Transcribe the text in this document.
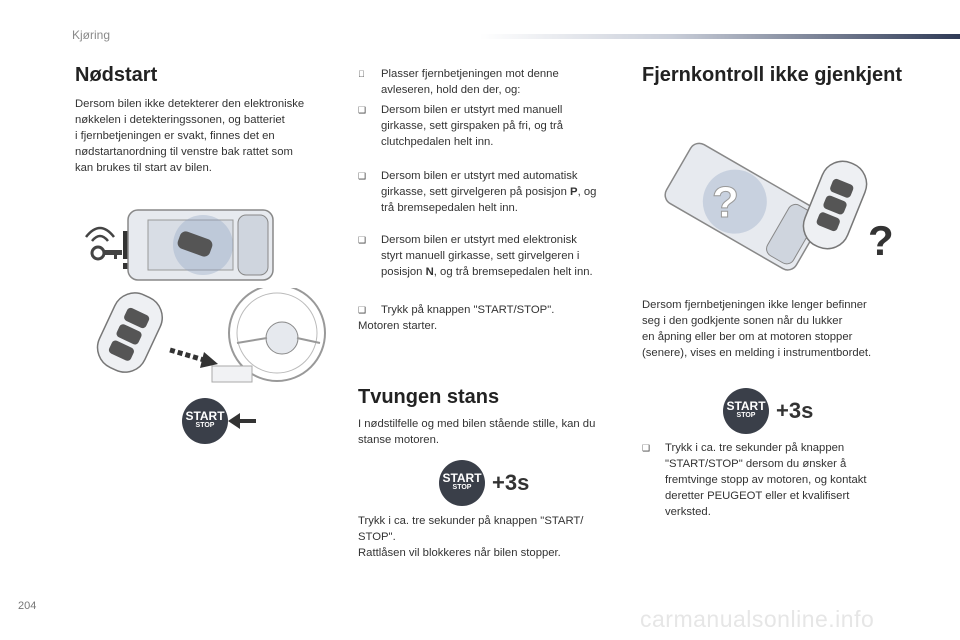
Kjøring
Nødstart
Dersom bilen ikke detekterer den elektroniske
nøkkelen i detekteringssonen, og batteriet
i fjernbetjeningen er svakt, finnes det en
nødstartanordning til venstre bak rattet som
kan brukes til start av bilen.
START
STOP
Plasser fjernbetjeningen mot denne
avleseren, hold den der, og:
❑ Dersom bilen er utstyrt med manuell
girkasse, sett girspaken på fri, og trå
clutchpedalen helt inn.
❑ Dersom bilen er utstyrt med automatisk
girkasse, sett girvelgeren på posisjon P, og
trå bremsepedalen helt inn.
❑ Dersom bilen er utstyrt med elektronisk
styrt manuell girkasse, sett girvelgeren i
posisjon N, og trå bremsepedalen helt inn.
❑ Trykk på knappen "START/STOP".
Motoren starter.
Tvungen stans
I nødstilfelle og med bilen stående stille, kan du
stanse motoren.
START
STOP +3s
Trykk i ca. tre sekunder på knappen "START/
STOP".
Rattlåsen vil blokkeres når bilen stopper.
Fjernkontroll ikke gjenkjent
?
?
Dersom fjernbetjeningen ikke lenger befinner
seg i den godkjente sonen når du lukker
en åpning eller ber om at motoren stopper
(senere), vises en melding i instrumentbordet.
START
STOP +3s
❑ Trykk i ca. tre sekunder på knappen
"START/STOP" dersom du ønsker å
fremtvinge stopp av motoren, og kontakt
deretter PEUGEOT eller et kvalifisert
verksted.
204	carmanualsonline.info
